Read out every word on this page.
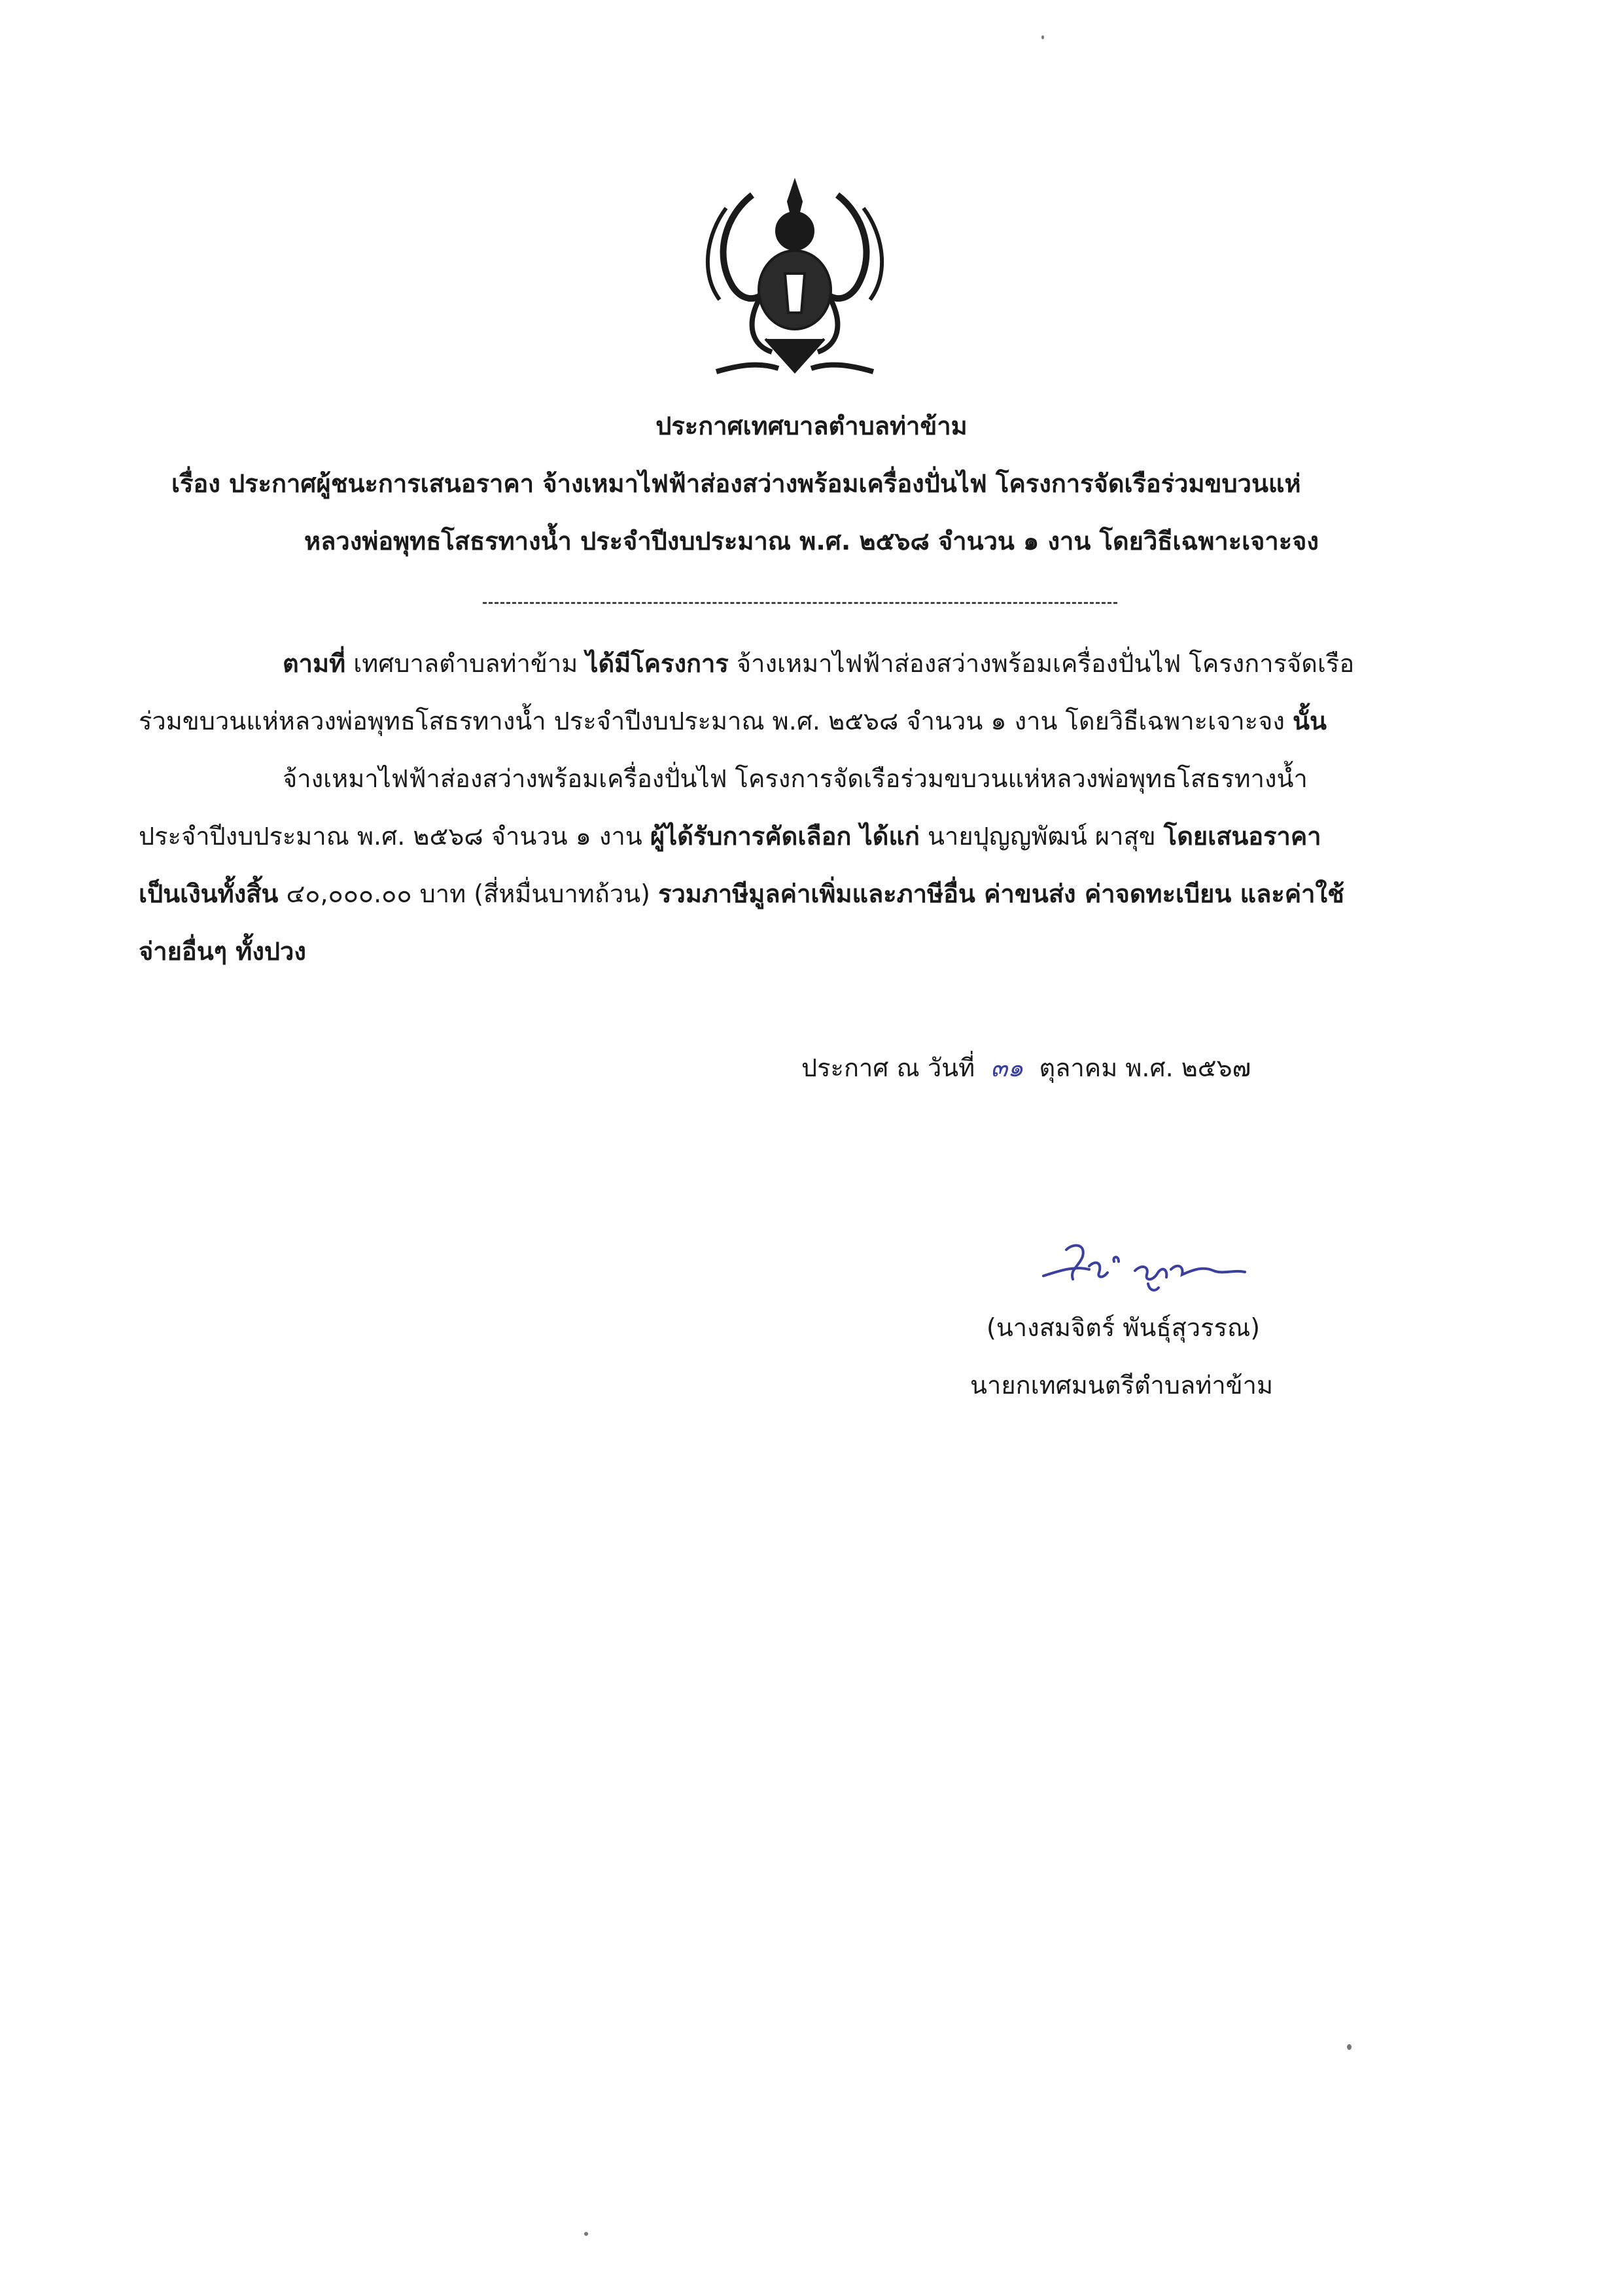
ประกาศเทศบาลตำบลท่าข้าม
เรื่อง ประกาศผู้ชนะการเสนอราคา จ้างเหมาไฟฟ้าส่องสว่างพร้อมเครื่องปั่นไฟ โครงการจัดเรือร่วมขบวนแห่
หลวงพ่อพุทธโสธรทางน้ำ ประจำปีงบประมาณ พ.ศ. ๒๕๖๘ จำนวน ๑ งาน โดยวิธีเฉพาะเจาะจง
ตามที่ เทศบาลตำบลท่าข้าม ได้มีโครงการ จ้างเหมาไฟฟ้าส่องสว่างพร้อมเครื่องปั่นไฟ โครงการจัดเรือ
ร่วมขบวนแห่หลวงพ่อพุทธโสธรทางน้ำ ประจำปีงบประมาณ พ.ศ. ๒๕๖๘ จำนวน ๑ งาน โดยวิธีเฉพาะเจาะจง นั้น
จ้างเหมาไฟฟ้าส่องสว่างพร้อมเครื่องปั่นไฟ โครงการจัดเรือร่วมขบวนแห่หลวงพ่อพุทธโสธรทางน้ำ
ประจำปีงบประมาณ พ.ศ. ๒๕๖๘ จำนวน ๑ งาน ผู้ได้รับการคัดเลือก ได้แก่ นายปุญญพัฒน์ ผาสุข โดยเสนอราคา
เป็นเงินทั้งสิ้น ๔๐,๐๐๐.๐๐ บาท (สี่หมื่นบาทถ้วน) รวมภาษีมูลค่าเพิ่มและภาษีอื่น ค่าขนส่ง ค่าจดทะเบียน และค่าใช้
จ่ายอื่นๆ ทั้งปวง
ประกาศ ณ วันที่ ๓๑ ตุลาคม พ.ศ. ๒๕๖๗
(นางสมจิตร์ พันธุ์สุวรรณ)
นายกเทศมนตรีตำบลท่าข้าม
